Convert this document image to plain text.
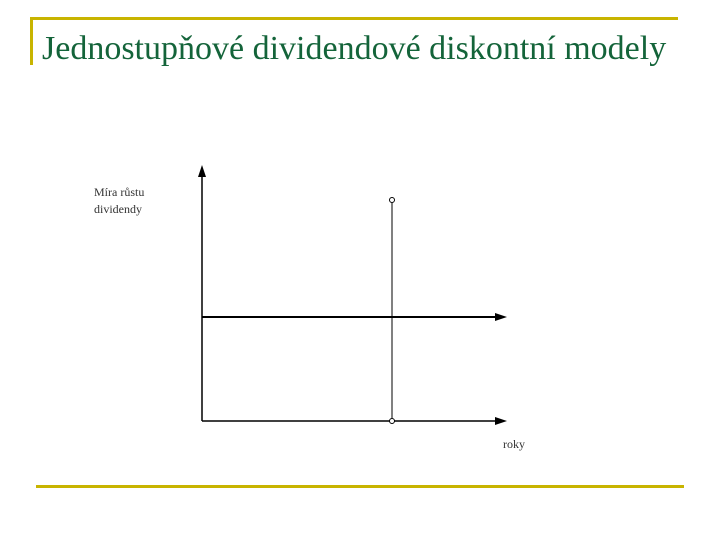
Jednostupňové dividendové diskontní modely
Míra růstu dividendy
roky
